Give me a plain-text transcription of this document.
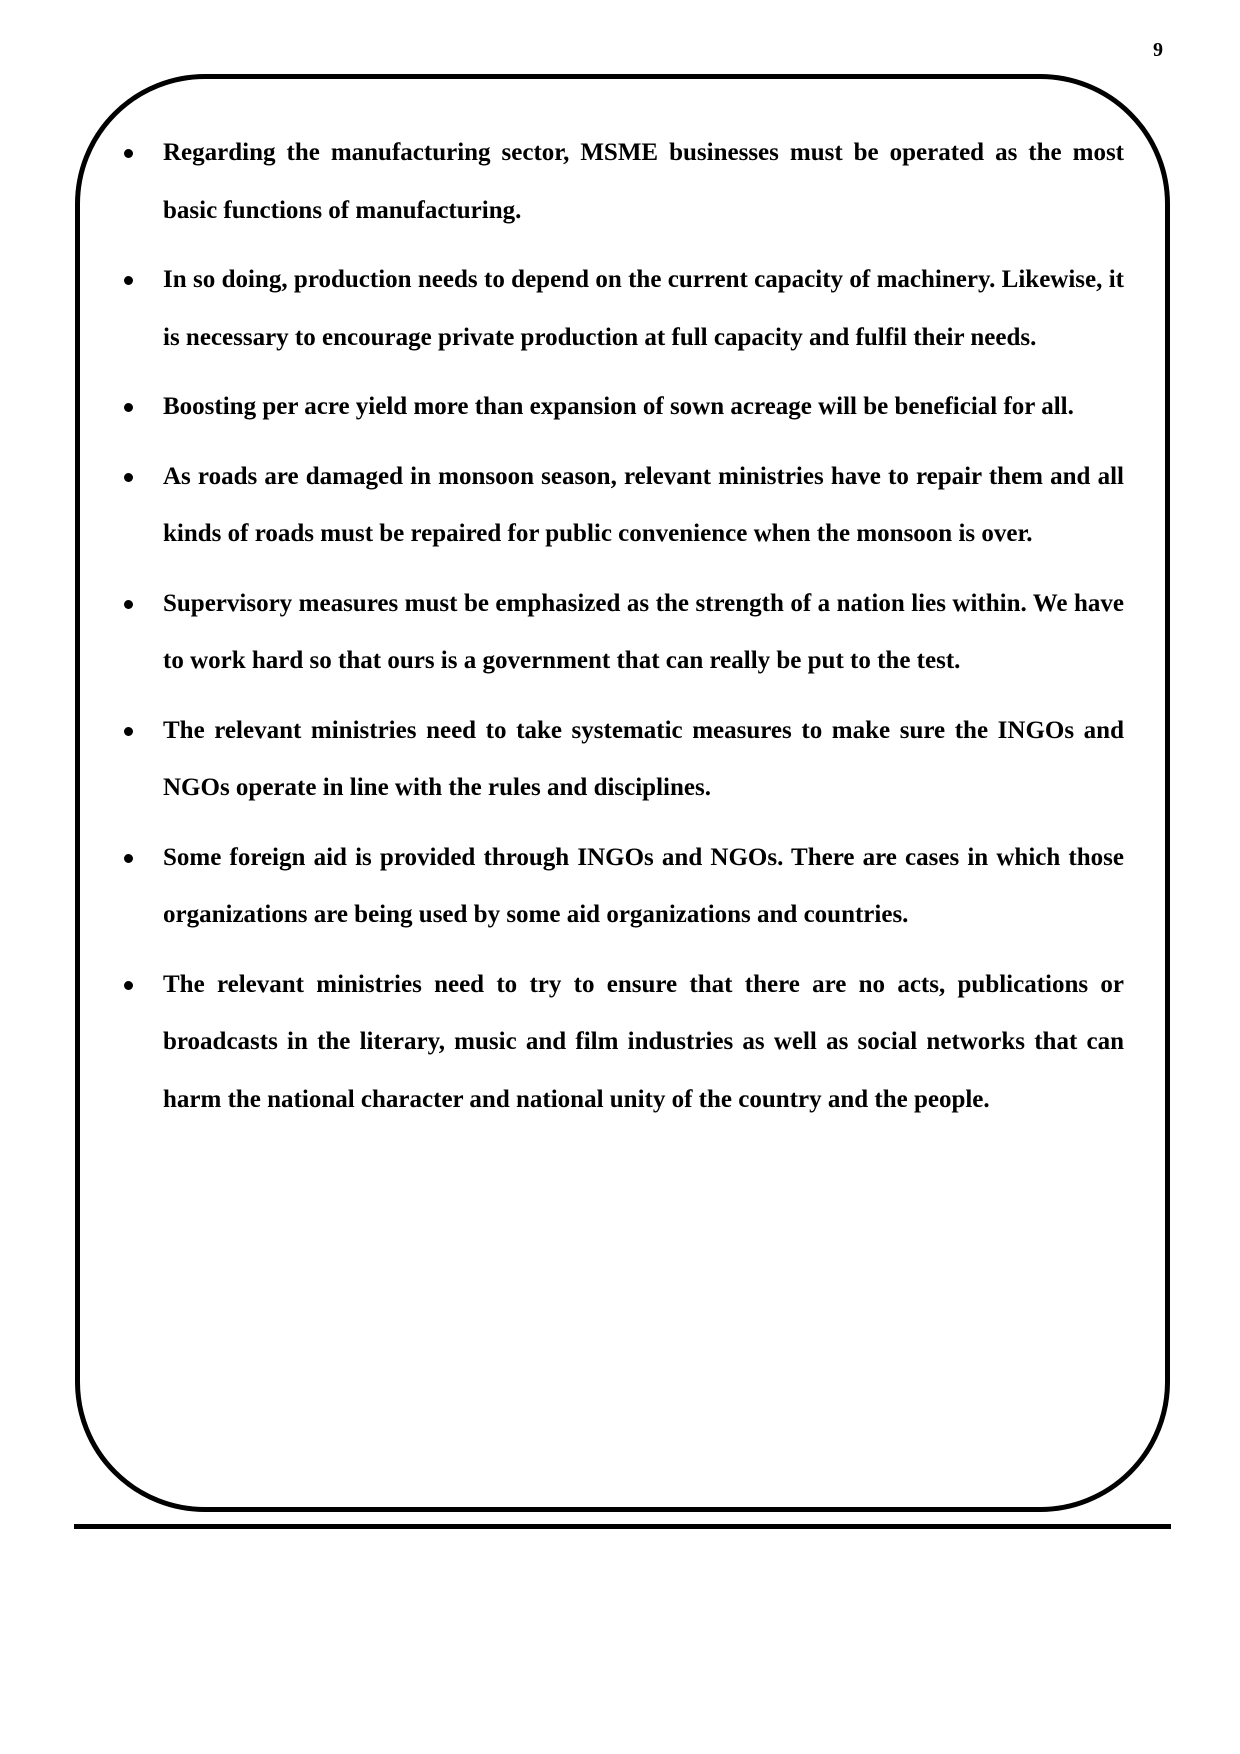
9
Regarding the manufacturing sector, MSME businesses must be operated as the most basic functions of manufacturing.
In so doing, production needs to depend on the current capacity of machinery. Likewise, it is necessary to encourage private production at full capacity and fulfil their needs.
Boosting per acre yield more than expansion of sown acreage will be beneficial for all.
As roads are damaged in monsoon season, relevant ministries have to repair them and all kinds of roads must be repaired for public convenience when the monsoon is over.
Supervisory measures must be emphasized as the strength of a nation lies within. We have to work hard so that ours is a government that can really be put to the test.
The relevant ministries need to take systematic measures to make sure the INGOs and NGOs operate in line with the rules and disciplines.
Some foreign aid is provided through INGOs and NGOs. There are cases in which those organizations are being used by some aid organizations and countries.
The relevant ministries need to try to ensure that there are no acts, publications or broadcasts in the literary, music and film industries as well as social networks that can harm the national character and national unity of the country and the people.
